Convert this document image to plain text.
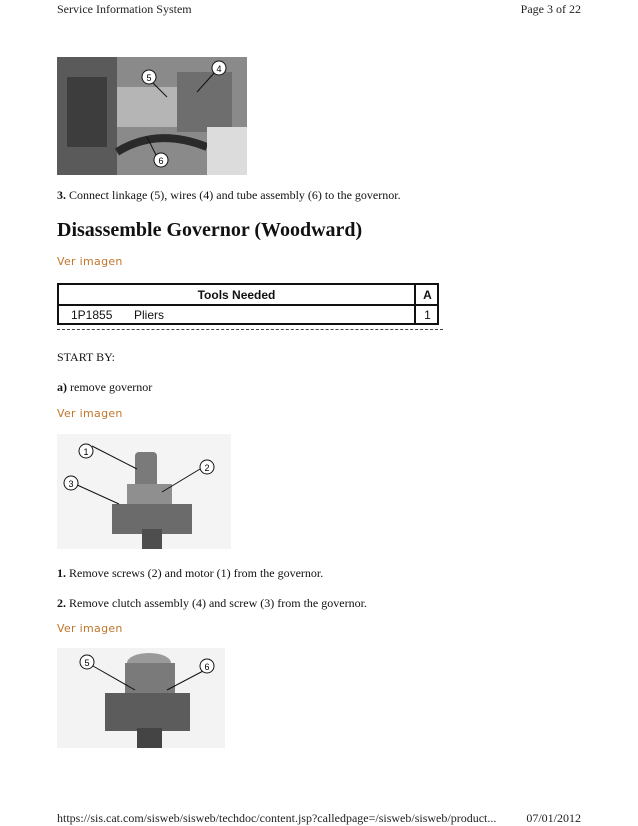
Service Information System	Page 3 of 22
5
4
6
3. Connect linkage (5), wires (4) and tube assembly (6) to the governor.
Disassemble Governor (Woodward)
Ver imagen
Tools Needed	A
1P1855 Pliers	1
START BY:
a) remove governor
Ver imagen
1
2
3
1. Remove screws (2) and motor (1) from the governor.
2. Remove clutch assembly (4) and screw (3) from the governor.
Ver imagen
5	6
https://sis.cat.com/sisweb/sisweb/techdoc/content.jsp?calledpage=/sisweb/sisweb/product... 07/01/2012
